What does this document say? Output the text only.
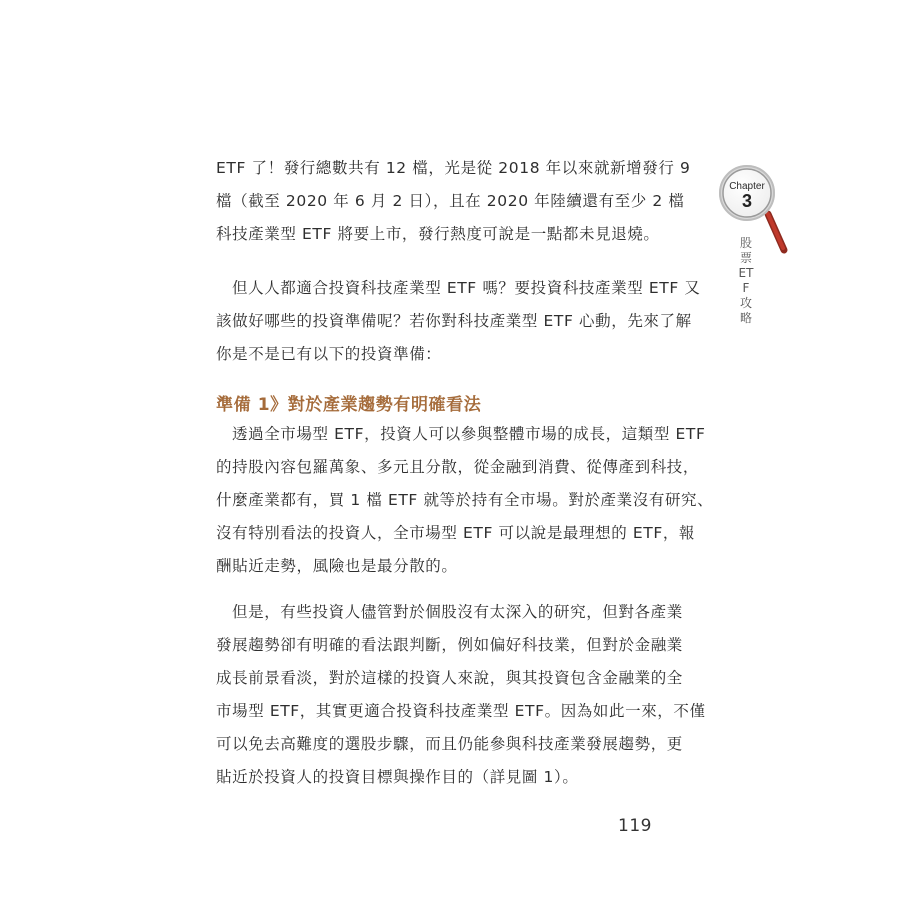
ETF 了！發行總數共有 12 檔，光是從 2018 年以來就新增發行 9
檔（截至 2020 年 6 月 2 日），且在 2020 年陸續還有至少 2 檔
科技產業型 ETF 將要上市，發行熱度可說是一點都未見退燒。
但人人都適合投資科技產業型 ETF 嗎？要投資科技產業型 ETF 又
該做好哪些的投資準備呢？若你對科技產業型 ETF 心動，先來了解
你是不是已有以下的投資準備：
準備 1》對於產業趨勢有明確看法
透過全市場型 ETF，投資人可以參與整體市場的成長，這類型 ETF
的持股內容包羅萬象、多元且分散，從金融到消費、從傳產到科技，
什麼產業都有，買 1 檔 ETF 就等於持有全市場。對於產業沒有研究、
沒有特別看法的投資人，全市場型 ETF 可以說是最理想的 ETF，報
酬貼近走勢，風險也是最分散的。
但是，有些投資人儘管對於個股沒有太深入的研究，但對各產業
發展趨勢卻有明確的看法跟判斷，例如偏好科技業，但對於金融業
成長前景看淡，對於這樣的投資人來說，與其投資包含金融業的全
市場型 ETF，其實更適合投資科技產業型 ETF。因為如此一來，不僅
可以免去高難度的選股步驟，而且仍能參與科技產業發展趨勢，更
貼近於投資人的投資目標與操作目的（詳見圖 1）。
Chapter
3
股票ETF攻略
119
